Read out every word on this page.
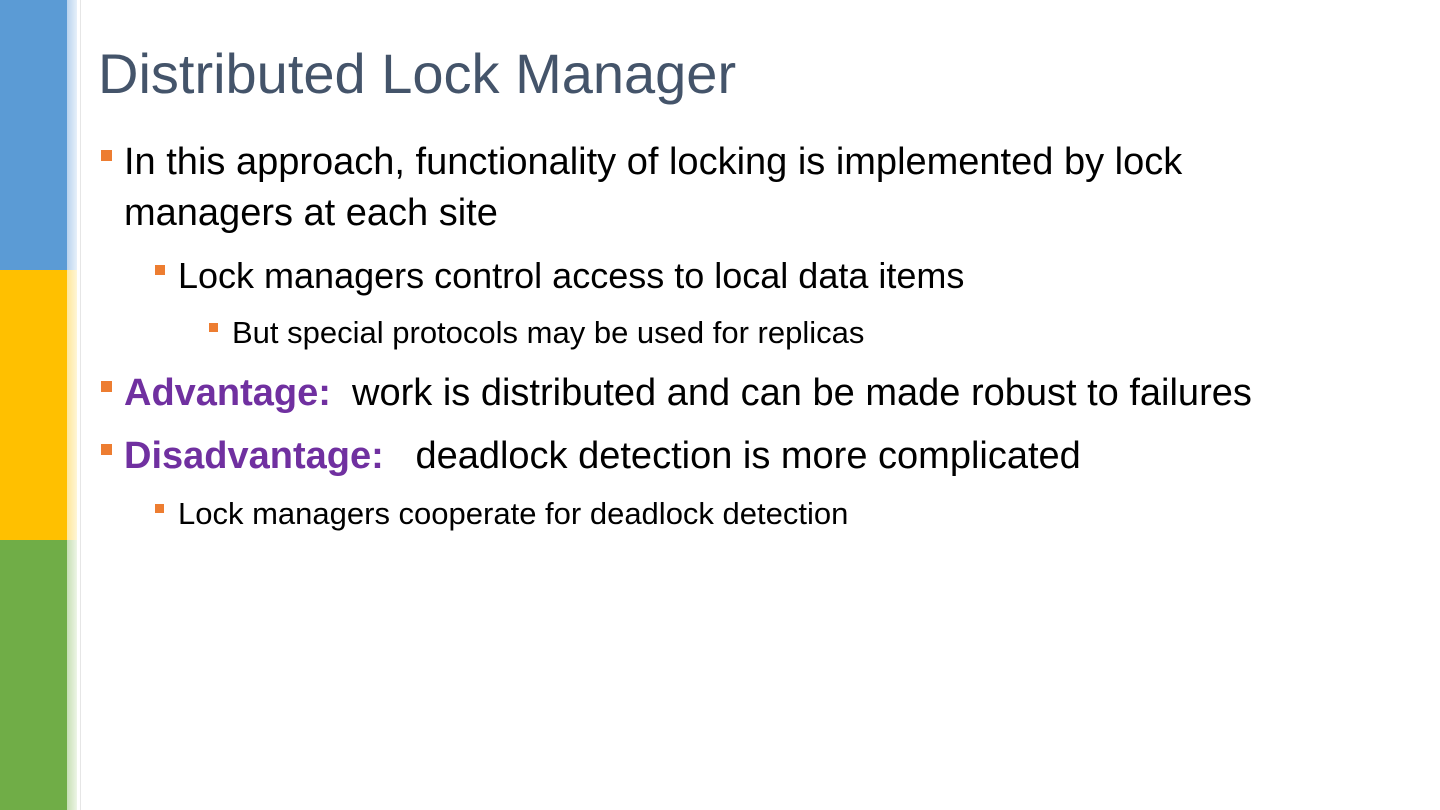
Distributed Lock Manager
In this approach, functionality of locking is implemented by lock
managers at each site
Lock managers control access to local data items
But special protocols may be used for replicas
Advantage: work is distributed and can be made robust to failures
Disadvantage: deadlock detection is more complicated
Lock managers cooperate for deadlock detection
